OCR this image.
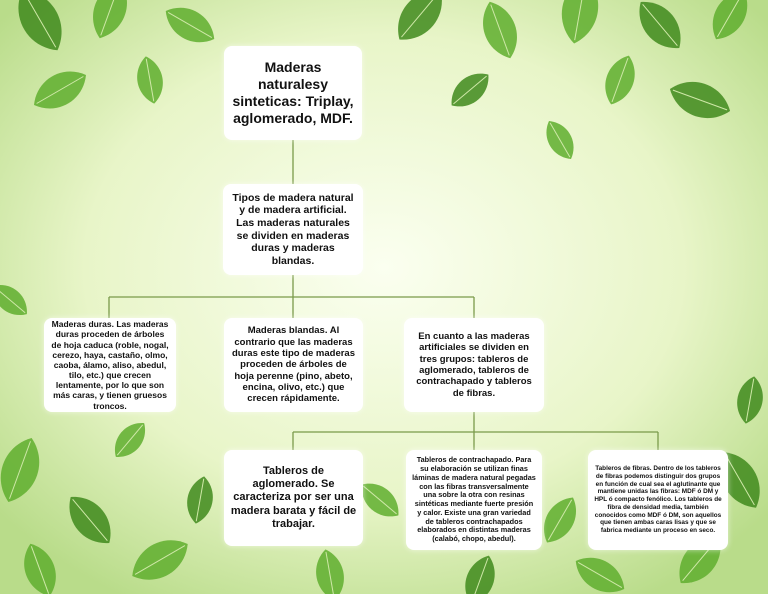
Maderas naturalesy sinteticas: Triplay, aglomerado, MDF.
Tipos de madera natural y de madera artificial. Las maderas naturales se dividen en maderas duras y maderas blandas.
Maderas duras. Las maderas duras proceden de árboles de hoja caduca (roble, nogal, cerezo, haya, castaño, olmo, caoba, álamo, aliso, abedul, tilo, etc.) que crecen lentamente, por lo que son más caras, y tienen gruesos troncos.
Maderas blandas. Al contrario que las maderas duras este tipo de maderas proceden de árboles de hoja perenne (pino, abeto, encina, olivo, etc.) que crecen rápidamente.
En cuanto a las maderas artificiales se dividen en tres grupos: tableros de aglomerado, tableros de contrachapado y tableros de fibras.
Tableros de aglomerado. Se caracteriza por ser una madera barata y fácil de trabajar.
Tableros de contrachapado. Para su elaboración se utilizan finas láminas de madera natural pegadas con las fibras transversalmente una sobre la otra con resinas sintéticas mediante fuerte presión y calor. Existe una gran variedad de tableros contrachapados elaborados en distintas maderas (calabó, chopo, abedul).
Tableros de fibras. Dentro de los tableros de fibras podemos distinguir dos grupos en función de cual sea el aglutinante que mantiene unidas las fibras: MDF ó DM y HPL ó compacto fenólico. Los tableros de fibra de densidad media, también conocidos como MDF ó DM, son aquellos que tienen ambas caras lisas y que se fabrica mediante un proceso en seco.
